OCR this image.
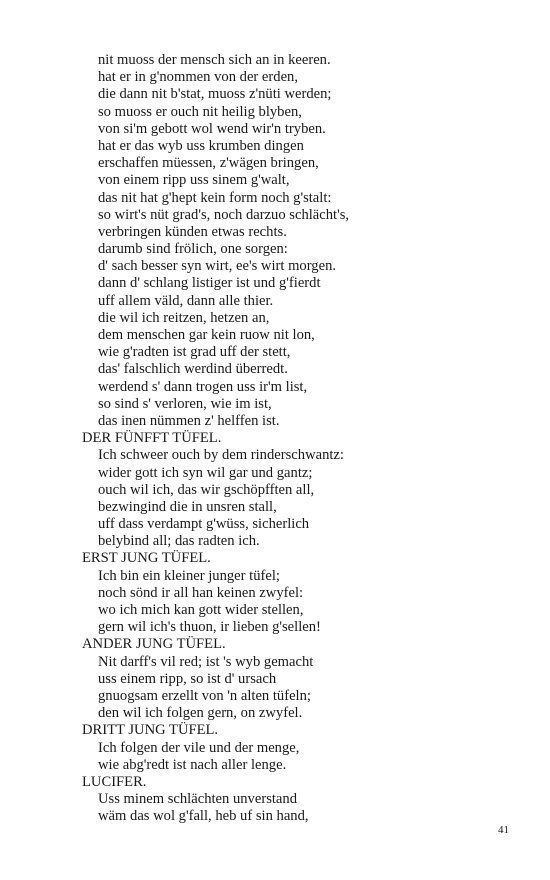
nit muoss der mensch sich an in keeren.
hat er in g'nommen von der erden,
die dann nit b'stat, muoss z'nüti werden;
so muoss er ouch nit heilig blyben,
von si'm gebott wol wend wir'n tryben.
hat er das wyb uss krumben dingen
erschaffen müessen, z'wägen bringen,
von einem ripp uss sinem g'walt,
das nit hat g'hept kein form noch g'stalt:
so wirt's nüt grad's, noch darzuo schlächt's,
verbringen künden etwas rechts.
darumb sind frölich, one sorgen:
d' sach besser syn wirt, ee's wirt morgen.
dann d' schlang listiger ist und g'fierdt
uff allem väld, dann alle thier.
die wil ich reitzen, hetzen an,
dem menschen gar kein ruow nit lon,
wie g'radten ist grad uff der stett,
das' falschlich werdind überredt.
werdend s' dann trogen uss ir'm list,
so sind s' verloren, wie im ist,
das inen nümmen z' helffen ist.
DER FÜNFFT TÜFEL.
Ich schweer ouch by dem rinderschwantz:
wider gott ich syn wil gar und gantz;
ouch wil ich, das wir gschöpfften all,
bezwingind die in unsren stall,
uff dass verdampt g'wüss, sicherlich
belybind all; das radten ich.
ERST JUNG TÜFEL.
Ich bin ein kleiner junger tüfel;
noch sönd ir all han keinen zwyfel:
wo ich mich kan gott wider stellen,
gern wil ich's thuon, ir lieben g'sellen!
ANDER JUNG TÜFEL.
Nit darff's vil red; ist 's wyb gemacht
uss einem ripp, so ist d' ursach
gnuogsam erzellt von 'n alten tüfeln;
den wil ich folgen gern, on zwyfel.
DRITT JUNG TÜFEL.
Ich folgen der vile und der menge,
wie abg'redt ist nach aller lenge.
LUCIFER.
Uss minem schlächten unverstand
wäm das wol g'fall, heb uf sin hand,
41
